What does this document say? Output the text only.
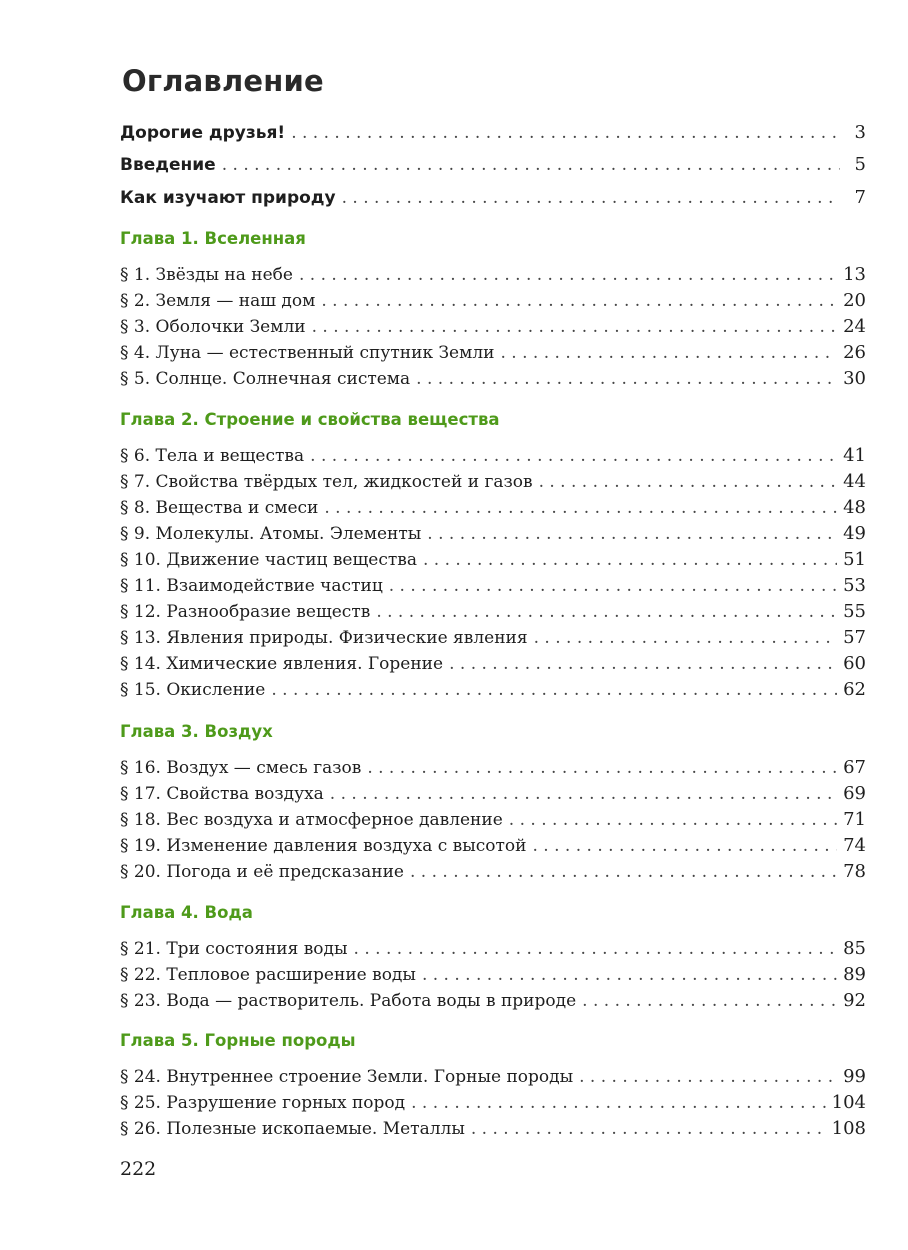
Оглавление
Дорогие друзья! . . .	3
Введение . . .	5
Как изучают природу . . .	7
Глава 1. Вселенная
§ 1. Звёзды на небе . . .	13
§ 2. Земля — наш дом . . .	20
§ 3. Оболочки Земли . . .	24
§ 4. Луна — естественный спутник Земли . . .	26
§ 5. Солнце. Солнечная система . . .	30
Глава 2. Строение и свойства вещества
§ 6. Тела и вещества . . .	41
§ 7. Свойства твёрдых тел, жидкостей и газов . . .	44
§ 8. Вещества и смеси . . .	48
§ 9. Молекулы. Атомы. Элементы . . .	49
§ 10. Движение частиц вещества . . .	51
§ 11. Взаимодействие частиц . . .	53
§ 12. Разнообразие веществ . . .	55
§ 13. Явления природы. Физические явления . . .	57
§ 14. Химические явления. Горение . . .	60
§ 15. Окисление . . .	62
Глава 3. Воздух
§ 16. Воздух — смесь газов . . .	67
§ 17. Свойства воздуха . . .	69
§ 18. Вес воздуха и атмосферное давление . . .	71
§ 19. Изменение давления воздуха с высотой . . .	74
§ 20. Погода и её предсказание . . .	78
Глава 4. Вода
§ 21. Три состояния воды . . .	85
§ 22. Тепловое расширение воды . . .	89
§ 23. Вода — растворитель. Работа воды в природе . . .	92
Глава 5. Горные породы
§ 24. Внутреннее строение Земли. Горные породы . . .	99
§ 25. Разрушение горных пород . . .	104
§ 26. Полезные ископаемые. Металлы . . .	108
222
